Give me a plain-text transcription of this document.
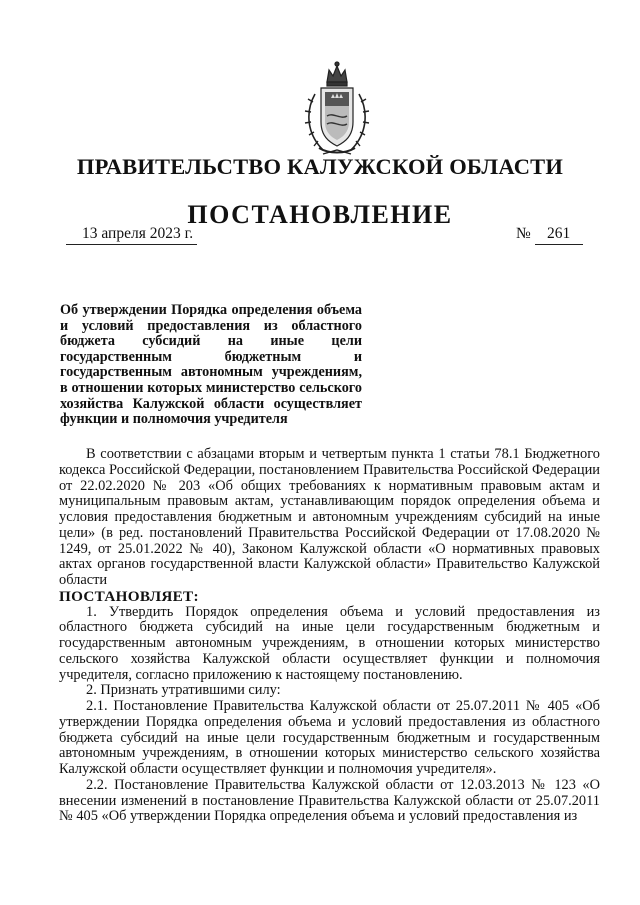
ПРАВИТЕЛЬСТВО КАЛУЖСКОЙ ОБЛАСТИ
ПОСТАНОВЛЕНИЕ
13 апреля 2023 г.	№ 261

Об утверждении Порядка определения объема и условий предоставления из областного бюджета субсидий на иные цели государственным бюджетным и государственным автономным учреждениям, в отношении которых министерство сельского хозяйства Калужской области осуществляет функции и полномочия учредителя

В соответствии с абзацами вторым и четвертым пункта 1 статьи 78.1 Бюджетного кодекса Российской Федерации, постановлением Правительства Российской Федерации от 22.02.2020 № 203 «Об общих требованиях к нормативным правовым актам и муниципальным правовым актам, устанавливающим порядок определения объема и условия предоставления бюджетным и автономным учреждениям субсидий на иные цели» (в ред. постановлений Правительства Российской Федерации от 17.08.2020 № 1249, от 25.01.2022 № 40), Законом Калужской области «О нормативных правовых актах органов государственной власти Калужской области» Правительство Калужской области

ПОСТАНОВЛЯЕТ:

1. Утвердить Порядок определения объема и условий предоставления из областного бюджета субсидий на иные цели государственным бюджетным и государственным автономным учреждениям, в отношении которых министерство сельского хозяйства Калужской области осуществляет функции и полномочия учредителя, согласно приложению к настоящему постановлению.

2. Признать утратившими силу:

2.1. Постановление Правительства Калужской области от 25.07.2011 № 405 «Об утверждении Порядка определения объема и условий предоставления из областного бюджета субсидий на иные цели государственным бюджетным и государственным автономным учреждениям, в отношении которых министерство сельского хозяйства Калужской области осуществляет функции и полномочия учредителя».

2.2. Постановление Правительства Калужской области от 12.03.2013 № 123 «О внесении изменений в постановление Правительства Калужской области от 25.07.2011 № 405 «Об утверждении Порядка определения объема и условий предоставления из
